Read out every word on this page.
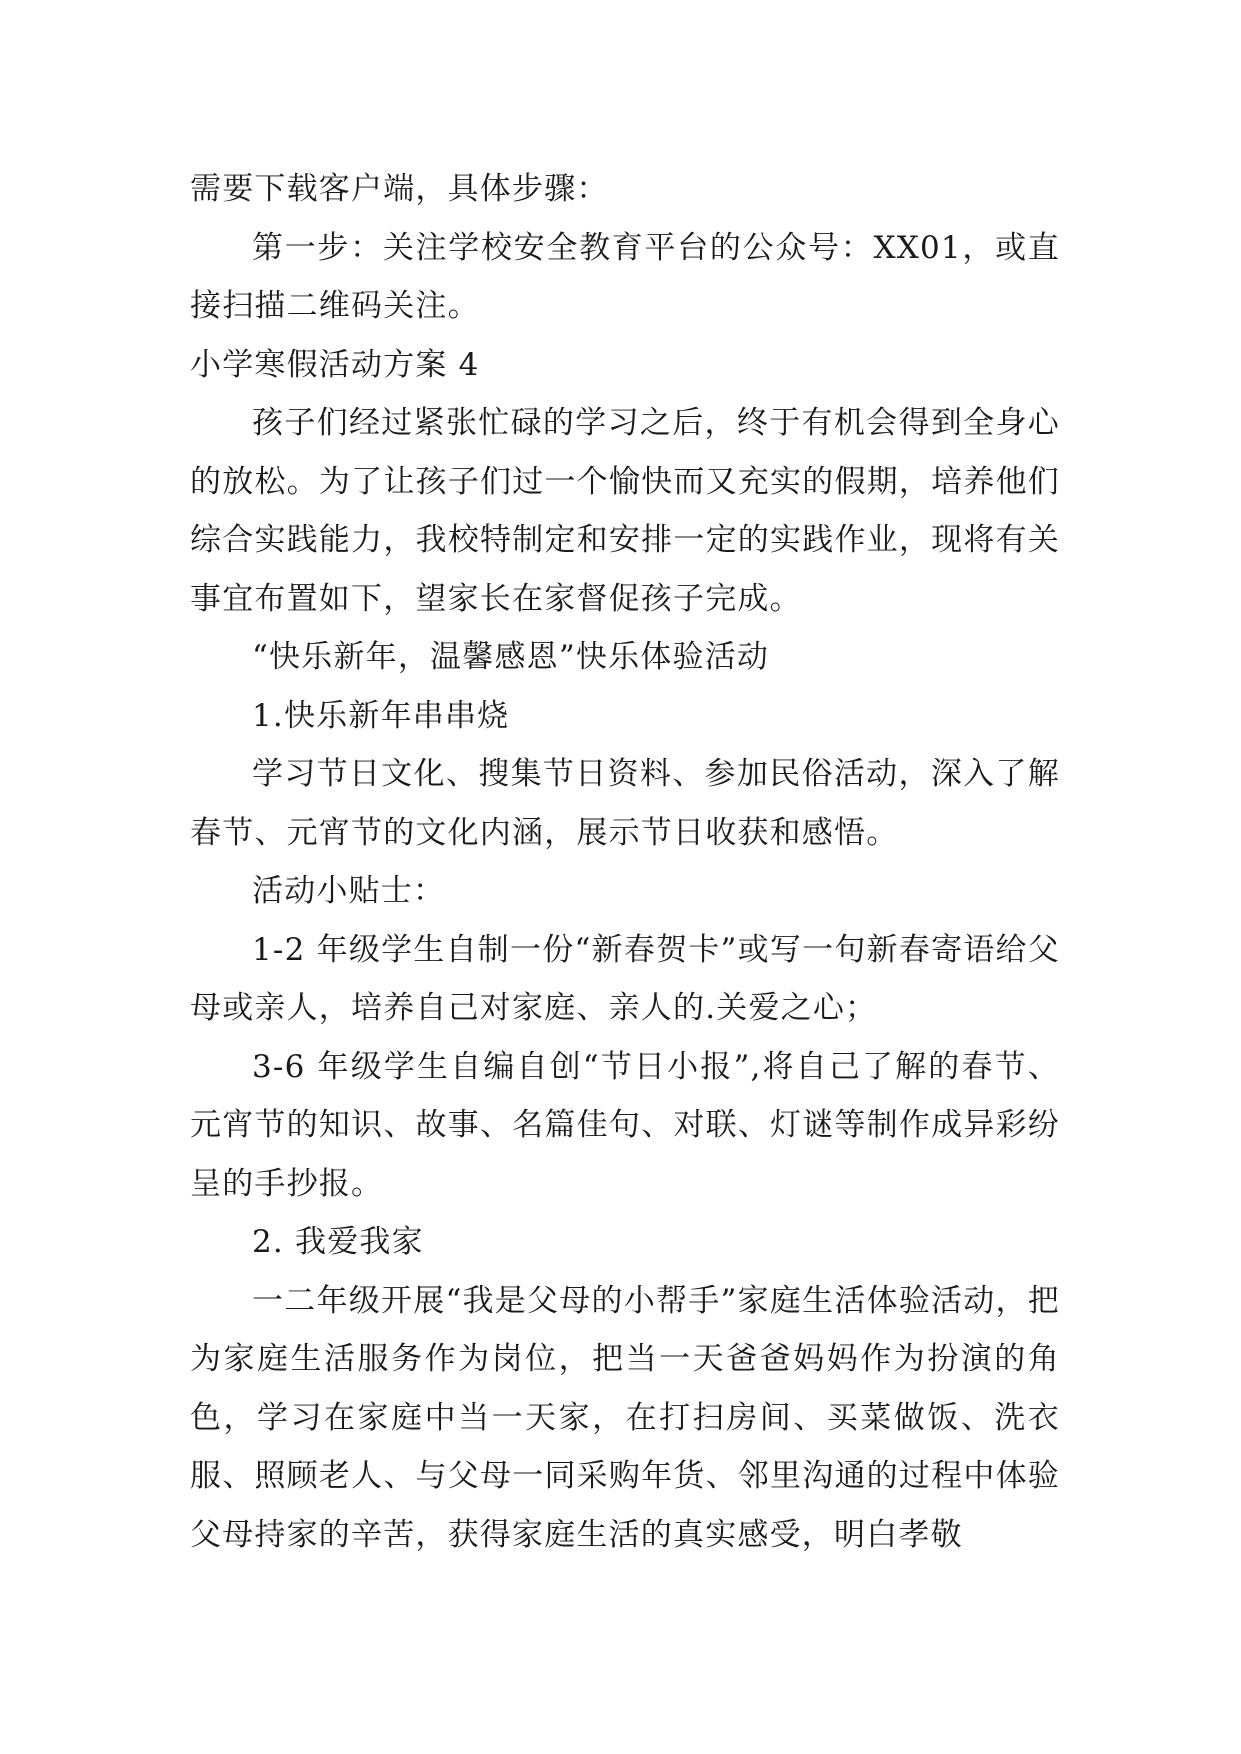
需要下载客户端，具体步骤：

第一步：关注学校安全教育平台的公众号：XX01，或直接扫描二维码关注。

小学寒假活动方案 4

孩子们经过紧张忙碌的学习之后，终于有机会得到全身心的放松。为了让孩子们过一个愉快而又充实的假期，培养他们综合实践能力，我校特制定和安排一定的实践作业，现将有关事宜布置如下，望家长在家督促孩子完成。

“快乐新年，温馨感恩”快乐体验活动

1.快乐新年串串烧

学习节日文化、搜集节日资料、参加民俗活动，深入了解春节、元宵节的文化内涵，展示节日收获和感悟。

活动小贴士：

1-2 年级学生自制一份“新春贺卡”或写一句新春寄语给父母或亲人，培养自己对家庭、亲人的.关爱之心；

3-6 年级学生自编自创“节日小报”,将自己了解的春节、元宵节的知识、故事、名篇佳句、对联、灯谜等制作成异彩纷呈的手抄报。

2. 我爱我家

一二年级开展“我是父母的小帮手”家庭生活体验活动，把为家庭生活服务作为岗位，把当一天爸爸妈妈作为扮演的角色，学习在家庭中当一天家，在打扫房间、买菜做饭、洗衣服、照顾老人、与父母一同采购年货、邻里沟通的过程中体验父母持家的辛苦，获得家庭生活的真实感受，明白孝敬
